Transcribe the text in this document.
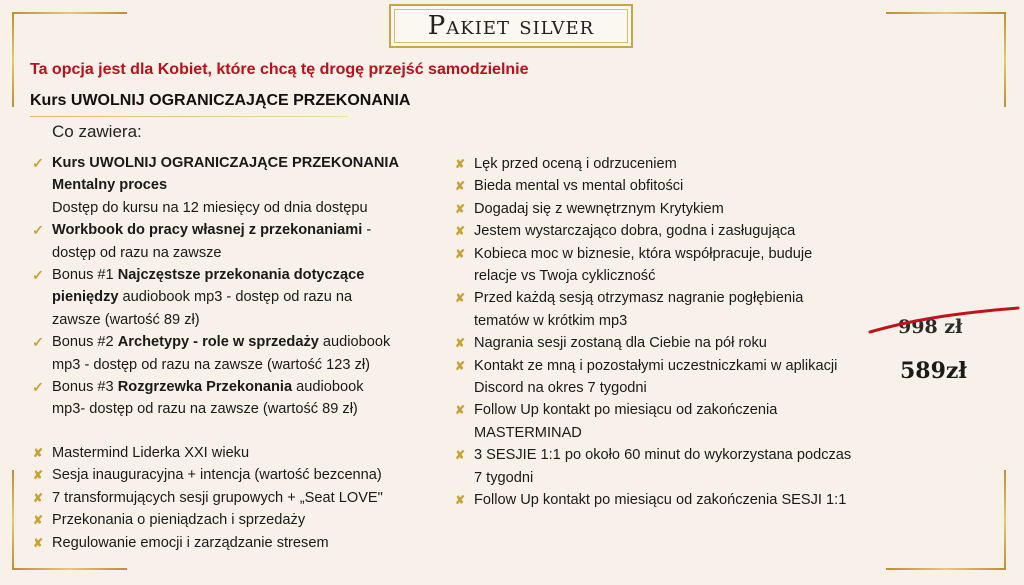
Pakiet silver
Ta opcja jest dla Kobiet, które chcą tę drogę przejść samodzielnie
Kurs UWOLNIJ OGRANICZAJĄCE PRZEKONANIA
Co zawiera:
✓ Kurs UWOLNIJ OGRANICZAJĄCE PRZEKONANIA
Mentalny proces
Dostęp do kursu na 12 miesięcy od dnia dostępu
✓ Workbook do pracy własnej z przekonaniami -
dostęp od razu na zawsze
✓ Bonus #1 Najczęstsze przekonania dotyczące
pieniędzy audiobook mp3 - dostęp od razu na
zawsze (wartość 89 zł)
✓ Bonus #2 Archetypy - role w sprzedaży audiobook
mp3 - dostęp od razu na zawsze (wartość 123 zł)
✓ Bonus #3 Rozgrzewka Przekonania audiobook
mp3- dostęp od razu na zawsze (wartość 89 zł)
✘ Mastermind Liderka XXI wieku
✘ Sesja inauguracyjna + intencja (wartość bezcenna)
✘ 7 transformujących sesji grupowych + „Seat LOVE"
✘ Przekonania o pieniądzach i sprzedaży
✘ Regulowanie emocji i zarządzanie stresem
✘ Lęk przed oceną i odrzuceniem
✘ Bieda mental vs mental obfitości
✘ Dogadaj się z wewnętrznym Krytykiem
✘ Jestem wystarczająco dobra, godna i zasługująca
✘ Kobieca moc w biznesie, która współpracuje, buduje
relacje vs Twoja cykliczność
✘ Przed każdą sesją otrzymasz nagranie pogłębienia
tematów w krótkim mp3
✘ Nagrania sesji zostaną dla Ciebie na pół roku
✘ Kontakt ze mną i pozostałymi uczestniczkami w aplikacji
Discord na okres 7 tygodni
✘ Follow Up kontakt po miesiącu od zakończenia
MASTERMINAD
✘ 3 SESJIE 1:1 po około 60 minut do wykorzystana podczas
7 tygodni
✘ Follow Up kontakt po miesiącu od zakończenia SESJI 1:1
998 zł
589zł
